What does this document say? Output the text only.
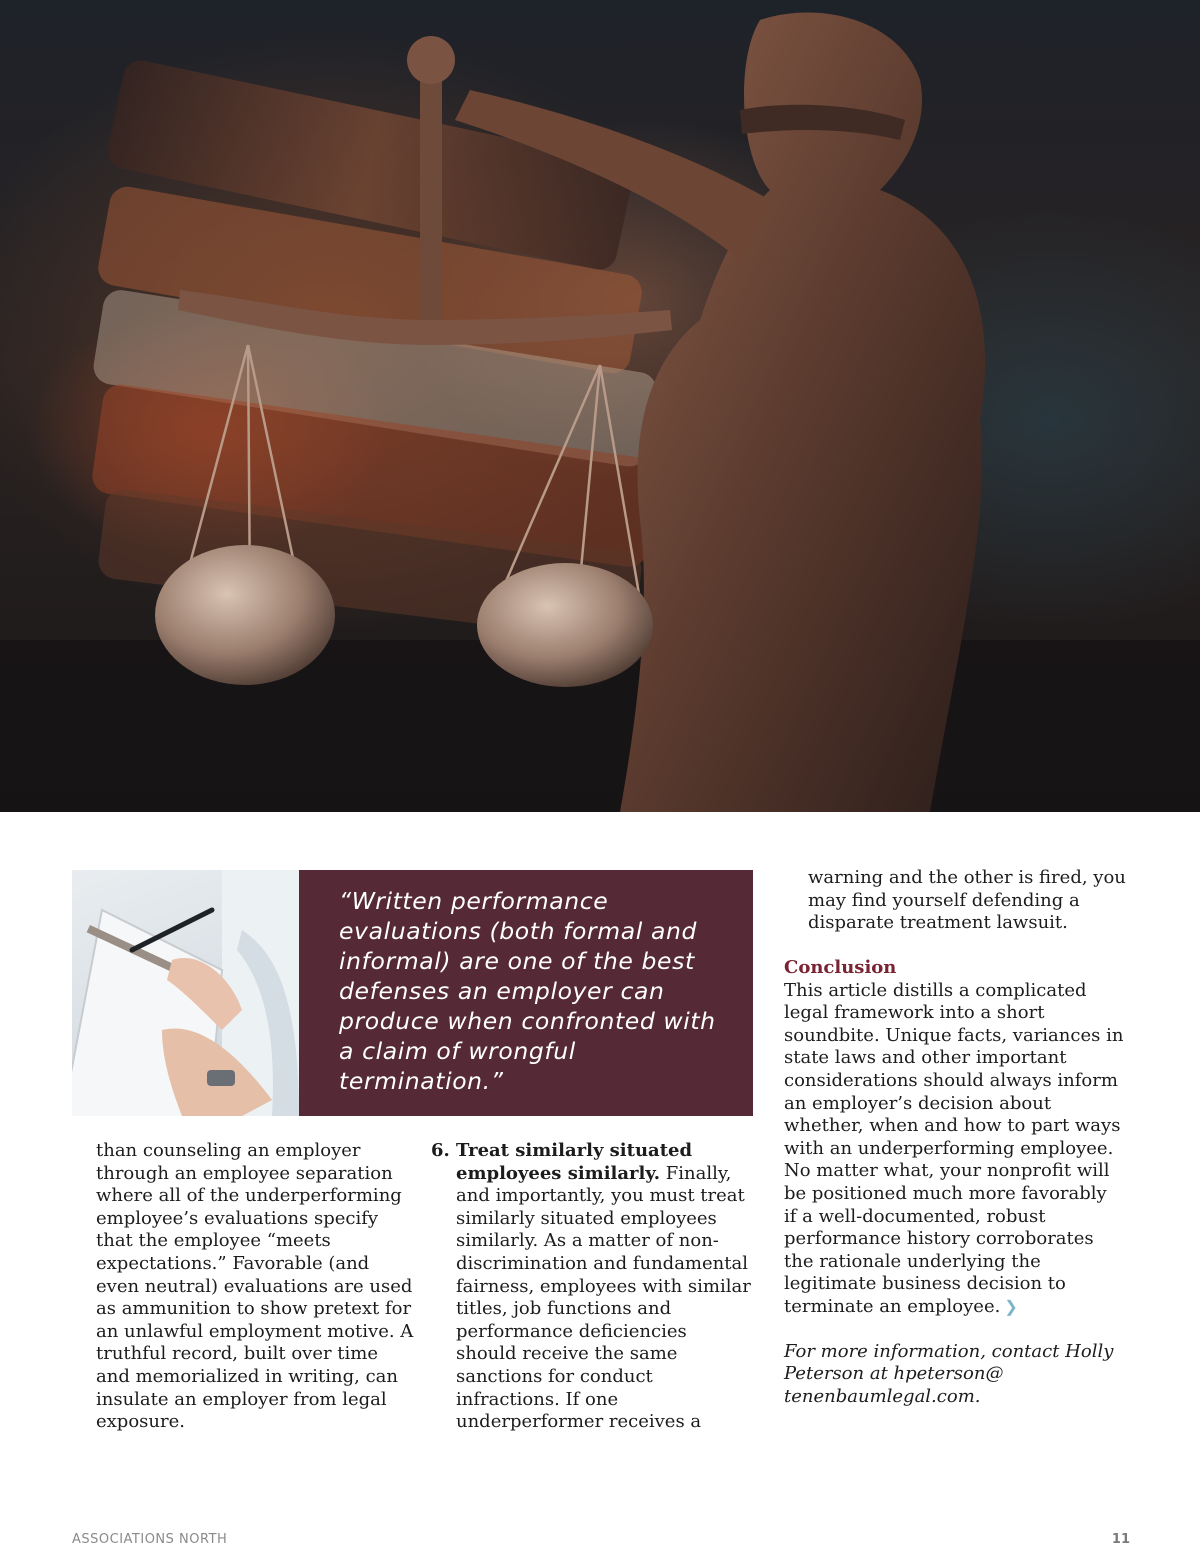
“Written performance evaluations (both formal and informal) are one of the best defenses an employer can produce when confronted with a claim of wrongful termination.”

than counseling an employer through an employee separation where all of the underperforming employee’s evaluations specify that the employee “meets expectations.” Favorable (and even neutral) evaluations are used as ammunition to show pretext for an unlawful employment motive. A truthful record, built over time and memorialized in writing, can insulate an employer from legal exposure.

6. Treat similarly situated employees similarly. Finally, and importantly, you must treat similarly situated employees similarly. As a matter of non-discrimination and fundamental fairness, employees with similar titles, job functions and performance deficiencies should receive the same sanctions for conduct infractions. If one underperformer receives a

warning and the other is fired, you may find yourself defending a disparate treatment lawsuit.

Conclusion

This article distills a complicated legal framework into a short soundbite. Unique facts, variances in state laws and other important considerations should always inform an employer’s decision about whether, when and how to part ways with an underperforming employee. No matter what, your nonprofit will be positioned much more favorably if a well-documented, robust performance history corroborates the rationale underlying the legitimate business decision to terminate an employee. ❯

For more information, contact Holly Peterson at hpeterson@ tenenbaumlegal.com.

ASSOCIATIONS NORTH	11
